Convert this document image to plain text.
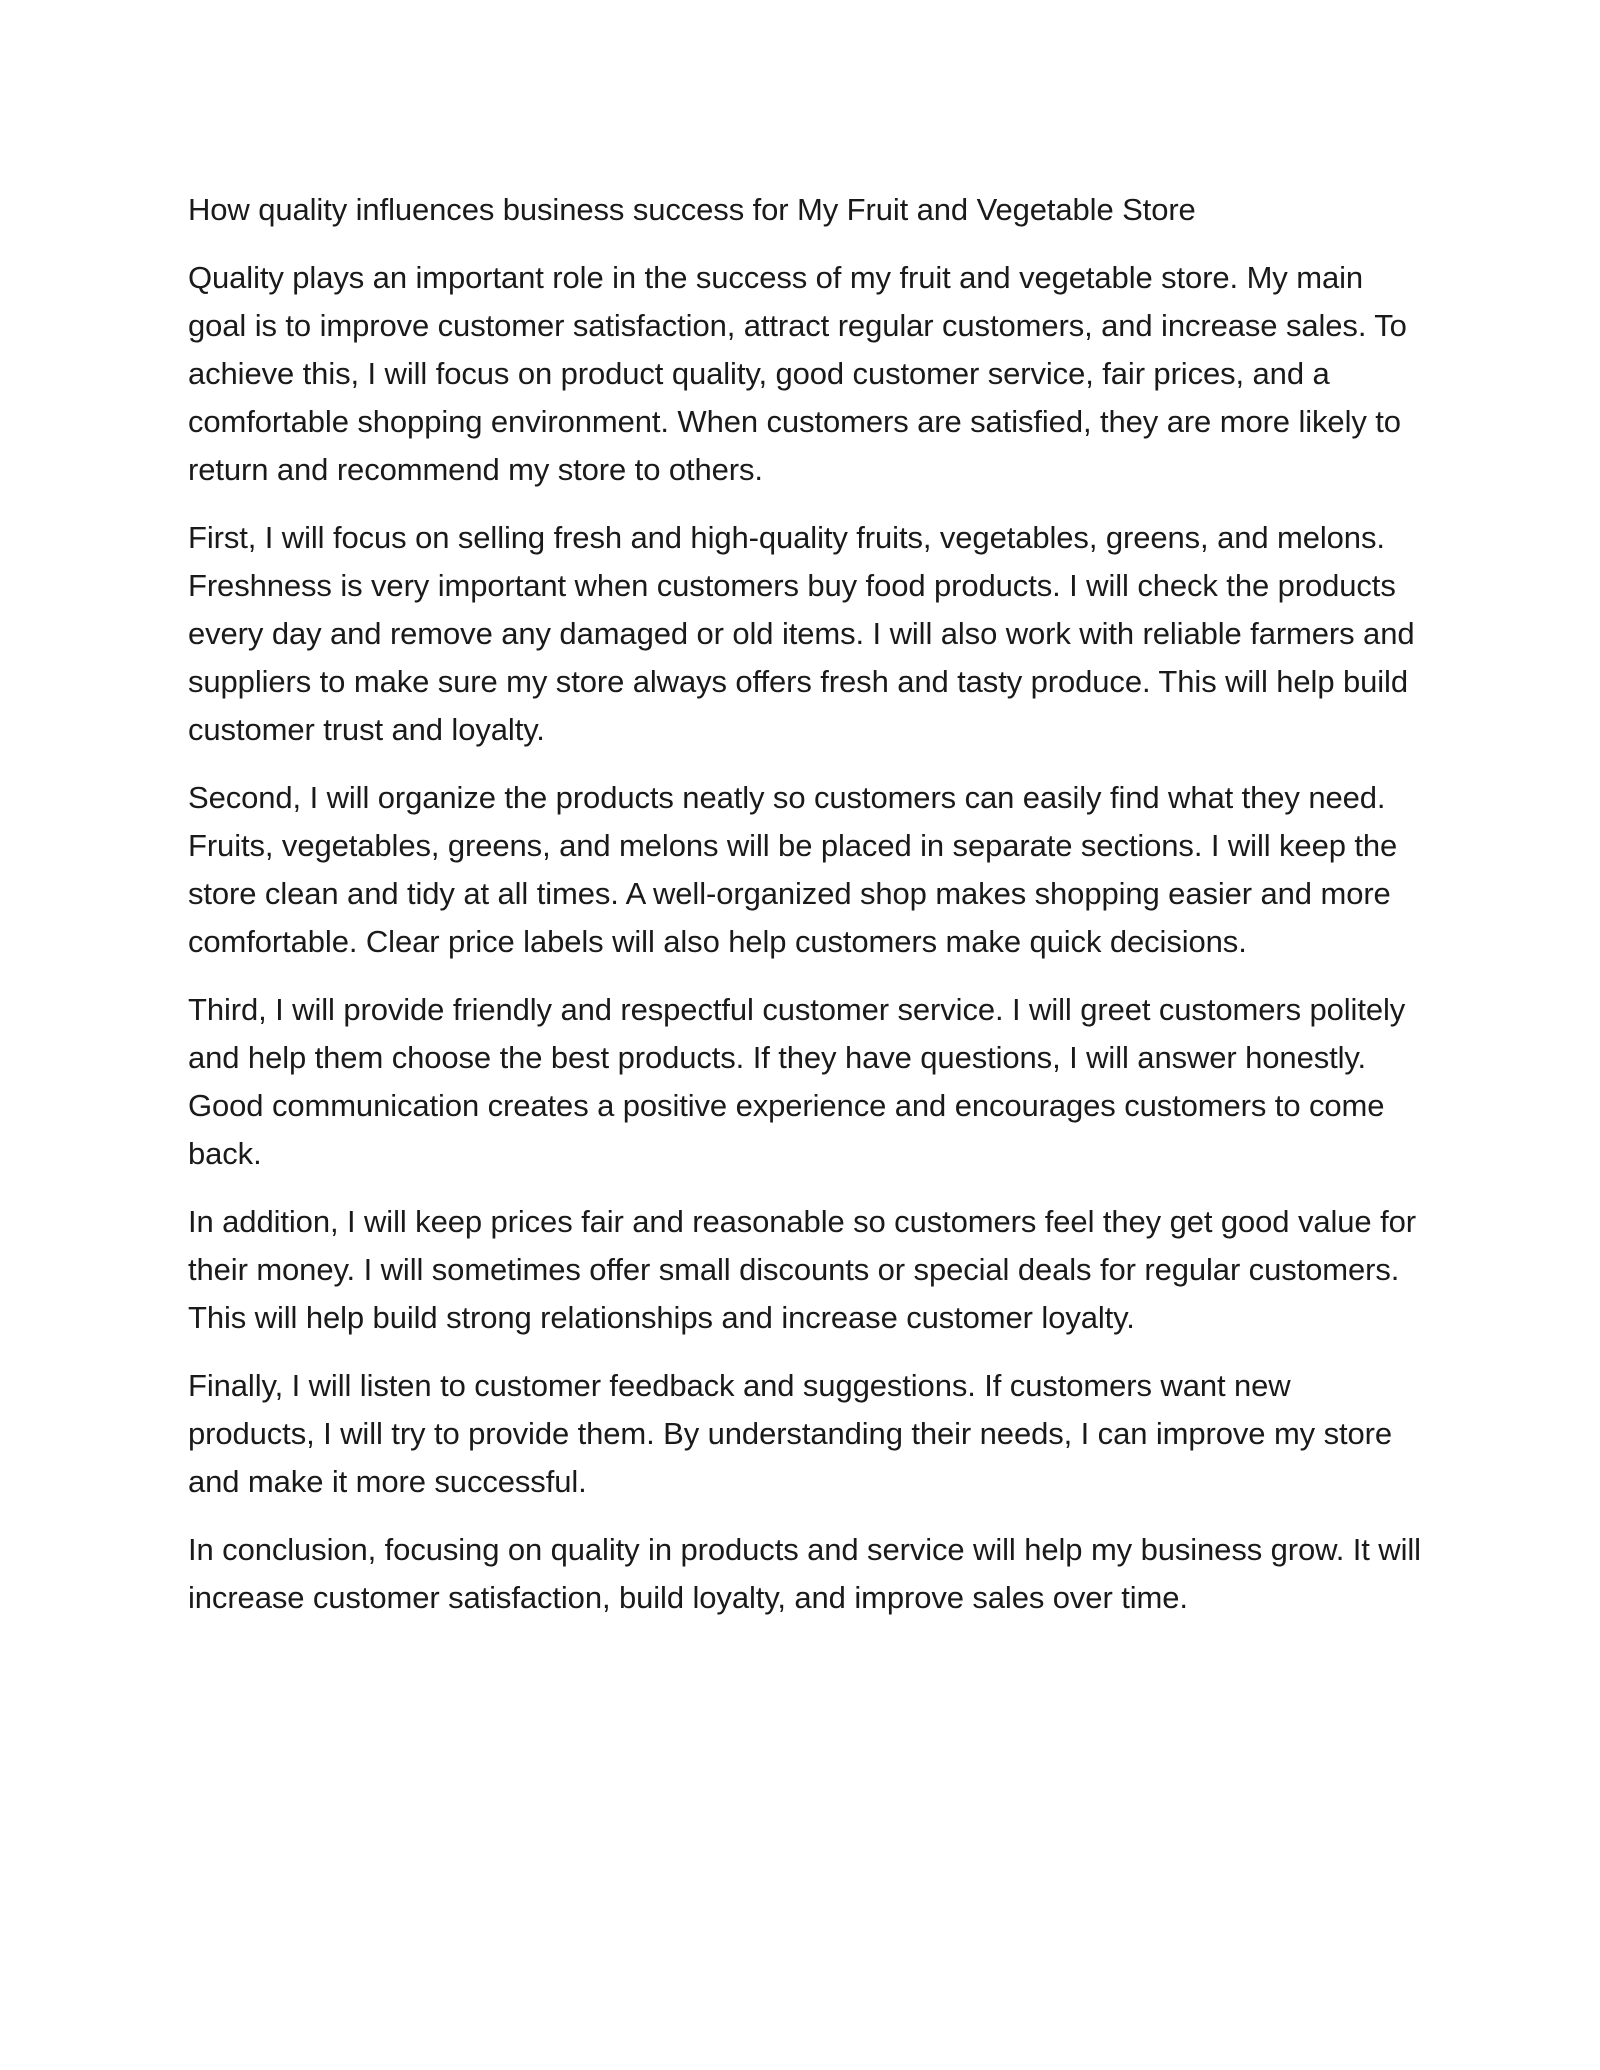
How quality influences business success for My Fruit and Vegetable Store

Quality plays an important role in the success of my fruit and vegetable store. My main goal is to improve customer satisfaction, attract regular customers, and increase sales. To achieve this, I will focus on product quality, good customer service, fair prices, and a comfortable shopping environment. When customers are satisfied, they are more likely to return and recommend my store to others.

First, I will focus on selling fresh and high-quality fruits, vegetables, greens, and melons. Freshness is very important when customers buy food products. I will check the products every day and remove any damaged or old items. I will also work with reliable farmers and suppliers to make sure my store always offers fresh and tasty produce. This will help build customer trust and loyalty.

Second, I will organize the products neatly so customers can easily find what they need. Fruits, vegetables, greens, and melons will be placed in separate sections. I will keep the store clean and tidy at all times. A well-organized shop makes shopping easier and more comfortable. Clear price labels will also help customers make quick decisions.

Third, I will provide friendly and respectful customer service. I will greet customers politely and help them choose the best products. If they have questions, I will answer honestly. Good communication creates a positive experience and encourages customers to come back.

In addition, I will keep prices fair and reasonable so customers feel they get good value for their money. I will sometimes offer small discounts or special deals for regular customers. This will help build strong relationships and increase customer loyalty.

Finally, I will listen to customer feedback and suggestions. If customers want new products, I will try to provide them. By understanding their needs, I can improve my store and make it more successful.

In conclusion, focusing on quality in products and service will help my business grow. It will increase customer satisfaction, build loyalty, and improve sales over time.
